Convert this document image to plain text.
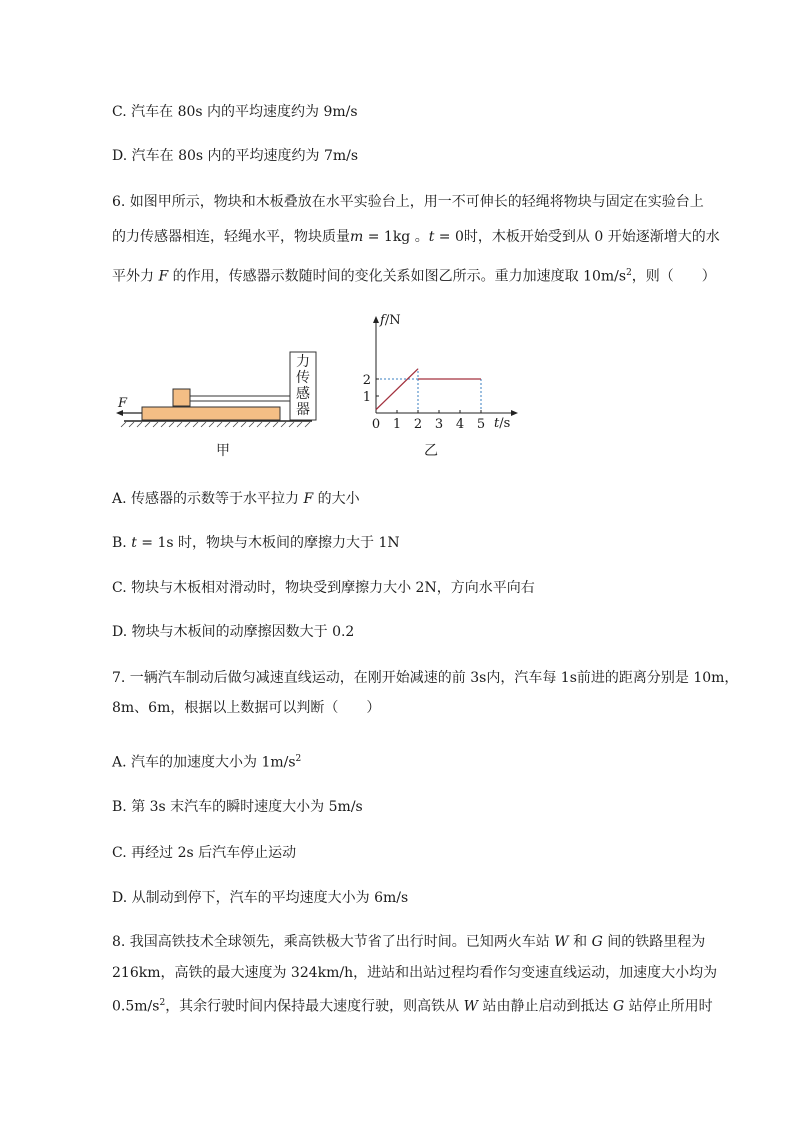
C. 汽车在 80s 内的平均速度约为 9m/s
D. 汽车在 80s 内的平均速度约为 7m/s
6. 如图甲所示，物块和木板叠放在水平实验台上，用一不可伸长的轻绳将物块与固定在实验台上
的力传感器相连，轻绳水平，物块质量m = 1kg 。t = 0时，木板开始受到从 0 开始逐渐增大的水
平外力 F 的作用，传感器示数随时间的变化关系如图乙所示。重力加速度取 $10m/s^2$，则（　　）
F
力
传
感
器
甲
0 1 2 3 4 5
1
2
f/N
t/s
乙
A. 传感器的示数等于水平拉力 F 的大小
B. t = 1s 时，物块与木板间的摩擦力大于 1N
C. 物块与木板相对滑动时，物块受到摩擦力大小 2N，方向水平向右
D. 物块与木板间的动摩擦因数大于 0.2
7. 一辆汽车制动后做匀减速直线运动，在刚开始减速的前 3s内，汽车每 1s前进的距离分别是 10m，
8m、6m，根据以上数据可以判断（　　）
A. 汽车的加速度大小为 $1m/s^2$
B. 第 3s 末汽车的瞬时速度大小为 5m/s
C. 再经过 2s 后汽车停止运动
D. 从制动到停下，汽车的平均速度大小为 6m/s
8. 我国高铁技术全球领先，乘高铁极大节省了出行时间。已知两火车站 W 和 G 间的铁路里程为
216km，高铁的最大速度为 324km/h，进站和出站过程均看作匀变速直线运动，加速度大小均为
$0.5m/s^2$，其余行驶时间内保持最大速度行驶，则高铁从 W 站由静止启动到抵达 G 站停止所用时
